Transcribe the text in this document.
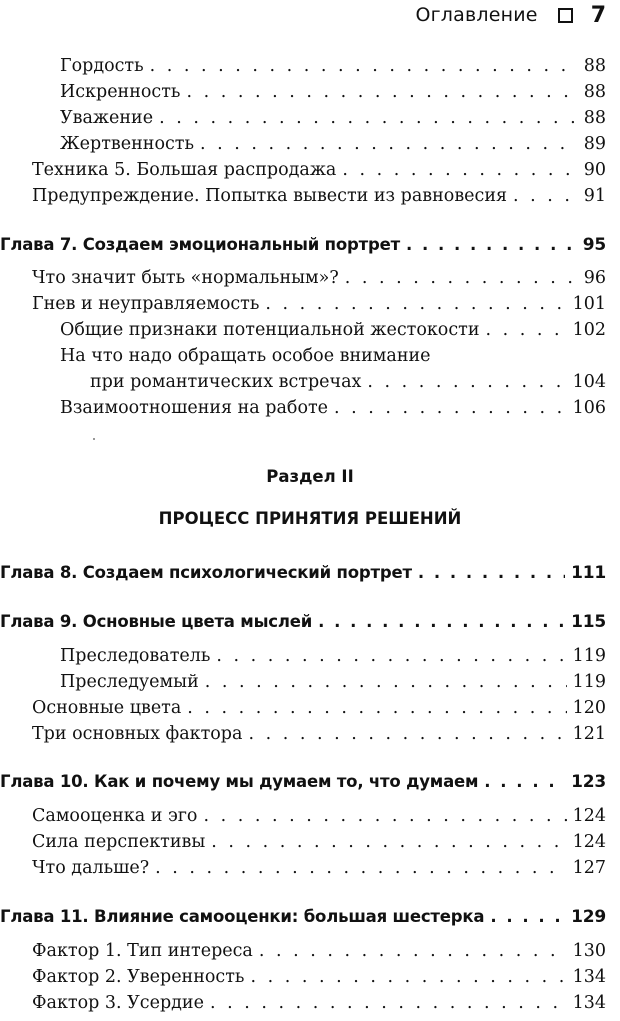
Оглавление 7
Гордость . . .	88
Искренность . . .	88
Уважение . . .	88
Жертвенность . . .	89
Техника 5. Большая распродажа . . .	90
Предупреждение. Попытка вывести из равновесия . . .	91
Глава 7. Создаем эмоциональный портрет . . .	95
Что значит быть «нормальным»? . . .	96
Гнев и неуправляемость . . .	101
Общие признаки потенциальной жестокости . . .	102
На что надо обращать особое внимание
при романтических встречах . . .	104
Взаимоотношения на работе . . .	106
Раздел II
ПРОЦЕСС ПРИНЯТИЯ РЕШЕНИЙ
Глава 8. Создаем психологический портрет . . .	111
Глава 9. Основные цвета мыслей . . .	115
Преследователь . . .	119
Преследуемый . . .	119
Основные цвета . . .	120
Три основных фактора . . .	121
Глава 10. Как и почему мы думаем то, что думаем . . .	123
Самооценка и эго . . .	124
Сила перспективы . . .	124
Что дальше? . . .	127
Глава 11. Влияние самооценки: большая шестерка . . .	129
Фактор 1. Тип интереса . . .	130
Фактор 2. Уверенность . . .	134
Фактор 3. Усердие . . .	134
